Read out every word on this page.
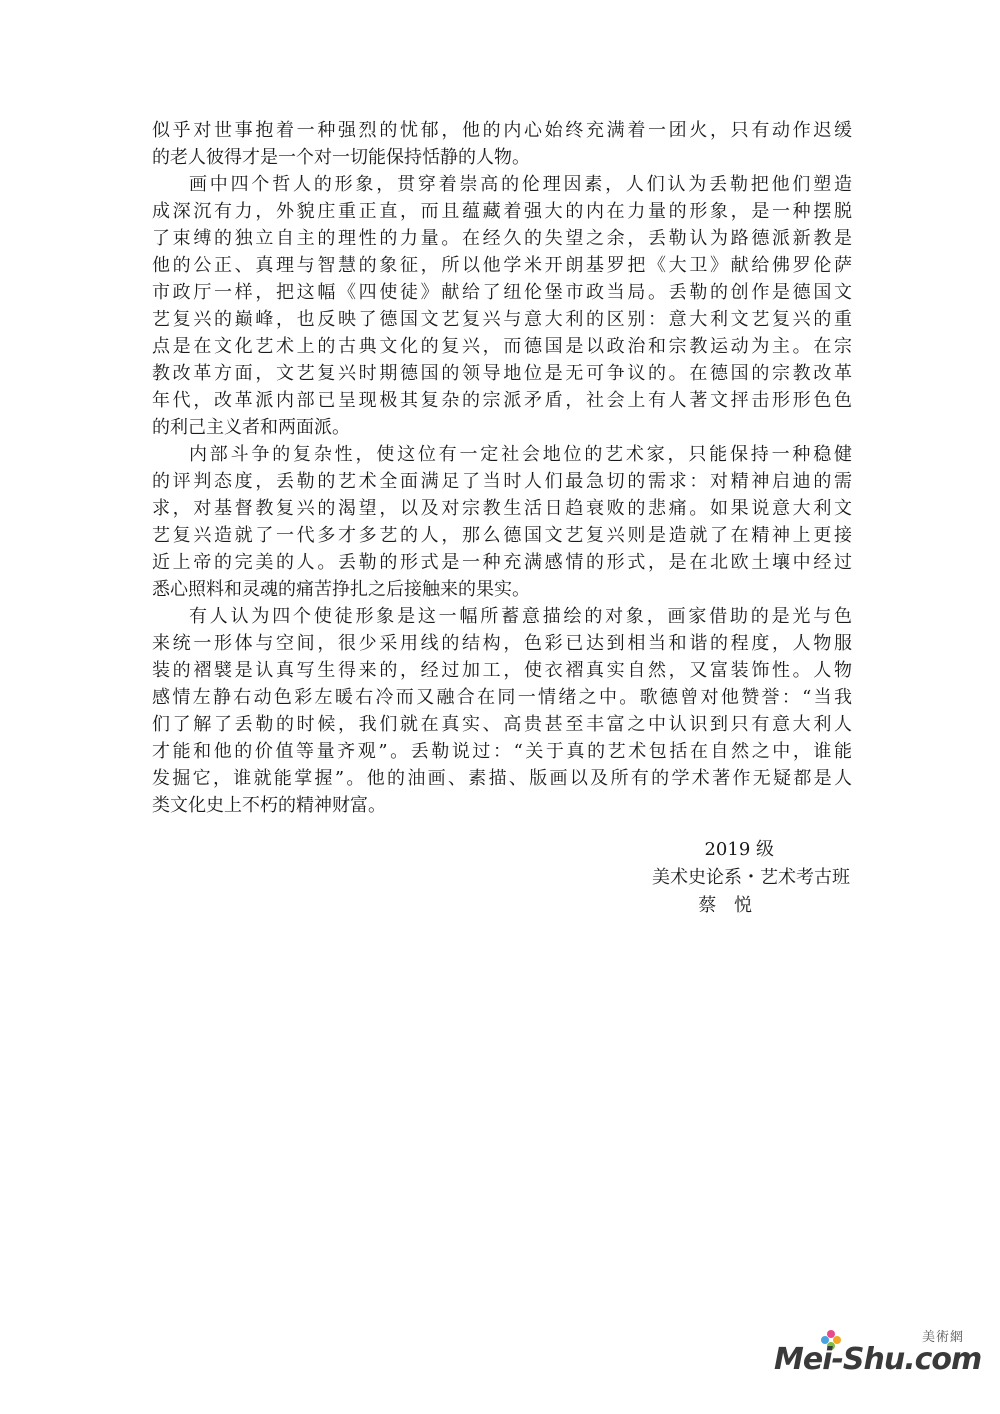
似乎对世事抱着一种强烈的忧郁，他的内心始终充满着一团火，只有动作迟缓
的老人彼得才是一个对一切能保持恬静的人物。
画中四个哲人的形象，贯穿着崇高的伦理因素，人们认为丢勒把他们塑造
成深沉有力，外貌庄重正直，而且蕴藏着强大的内在力量的形象，是一种摆脱
了束缚的独立自主的理性的力量。在经久的失望之余，丢勒认为路德派新教是
他的公正、真理与智慧的象征，所以他学米开朗基罗把《大卫》献给佛罗伦萨
市政厅一样，把这幅《四使徒》献给了纽伦堡市政当局。丢勒的创作是德国文
艺复兴的巅峰，也反映了德国文艺复兴与意大利的区别：意大利文艺复兴的重
点是在文化艺术上的古典文化的复兴，而德国是以政治和宗教运动为主。在宗
教改革方面，文艺复兴时期德国的领导地位是无可争议的。在德国的宗教改革
年代，改革派内部已呈现极其复杂的宗派矛盾，社会上有人著文抨击形形色色
的利己主义者和两面派。
内部斗争的复杂性，使这位有一定社会地位的艺术家，只能保持一种稳健
的评判态度，丢勒的艺术全面满足了当时人们最急切的需求：对精神启迪的需
求，对基督教复兴的渴望，以及对宗教生活日趋衰败的悲痛。如果说意大利文
艺复兴造就了一代多才多艺的人，那么德国文艺复兴则是造就了在精神上更接
近上帝的完美的人。丢勒的形式是一种充满感情的形式，是在北欧土壤中经过
悉心照料和灵魂的痛苦挣扎之后接触来的果实。
有人认为四个使徒形象是这一幅所蓄意描绘的对象，画家借助的是光与色
来统一形体与空间，很少采用线的结构，色彩已达到相当和谐的程度，人物服
装的褶襞是认真写生得来的，经过加工，使衣褶真实自然，又富装饰性。人物
感情左静右动色彩左暖右冷而又融合在同一情绪之中。歌德曾对他赞誉：“当我
们了解了丢勒的时候，我们就在真实、高贵甚至丰富之中认识到只有意大利人
才能和他的价值等量齐观”。丢勒说过：“关于真的艺术包括在自然之中，谁能
发掘它，谁就能掌握”。他的油画、素描、版画以及所有的学术著作无疑都是人
类文化史上不朽的精神财富。
2019 级
美术史论系・艺术考古班
蔡 悦
美術網
Mei-Shu.com
